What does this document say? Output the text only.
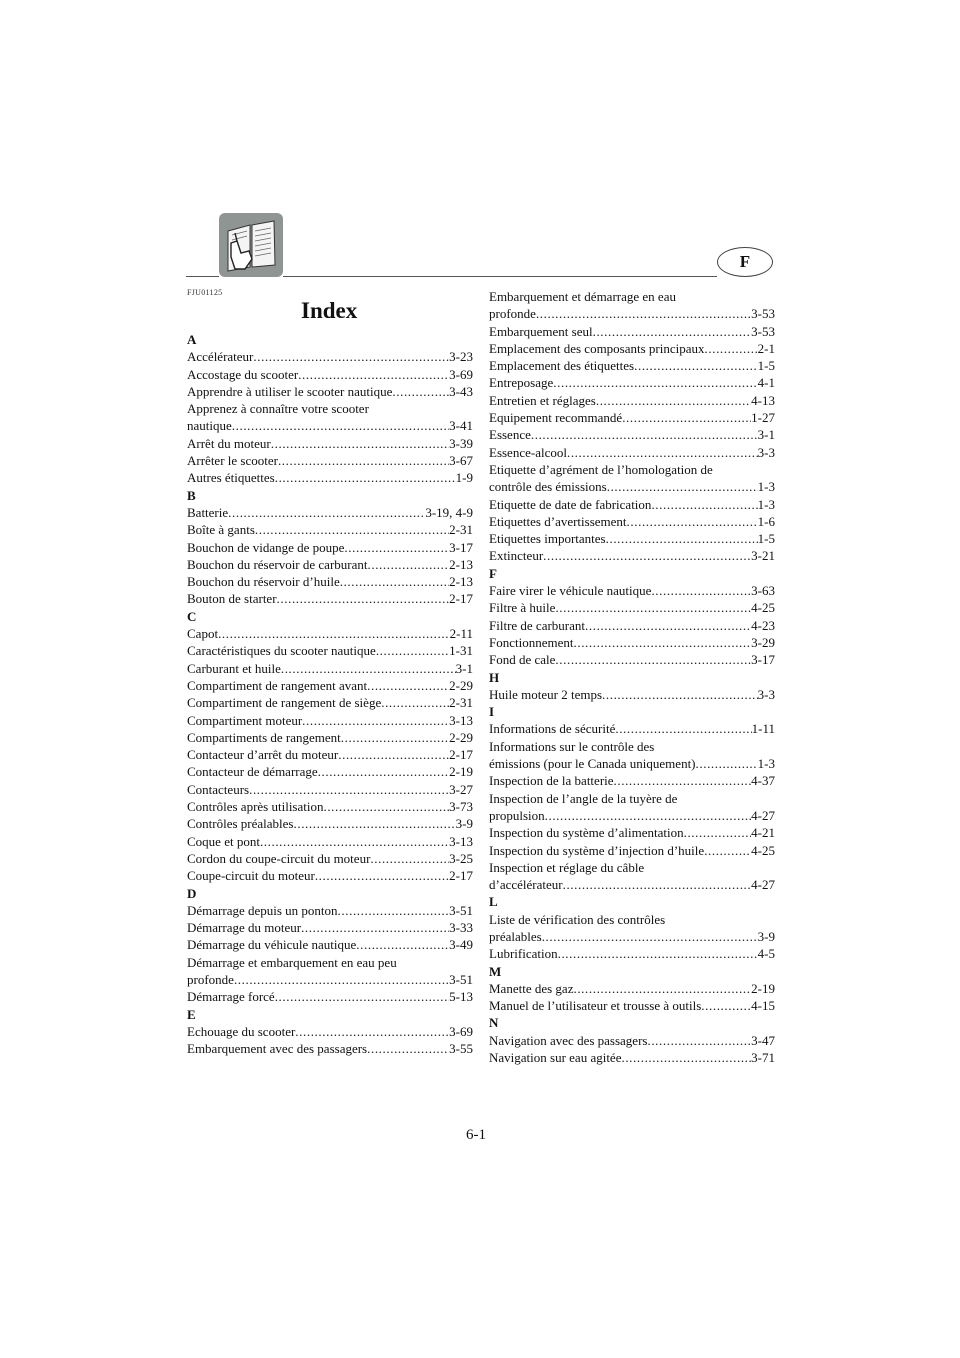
F
FJU01125
Index
A
Accélérateur .....	3-23
Accostage du scooter .....	3-69
Apprendre à utiliser le scooter nautique .....	3-43
Apprenez à connaître votre scooter
nautique .....	3-41
Arrêt du moteur .....	3-39
Arrêter le scooter .....	3-67
Autres étiquettes .....	1-9
B
Batterie .....	3-19, 4-9
Boîte à gants .....	2-31
Bouchon de vidange de poupe .....	3-17
Bouchon du réservoir de carburant .....	2-13
Bouchon du réservoir d’huile .....	2-13
Bouton de starter .....	2-17
C
Capot .....	2-11
Caractéristiques du scooter nautique .....	1-31
Carburant et huile .....	3-1
Compartiment de rangement avant .....	2-29
Compartiment de rangement de siège .....	2-31
Compartiment moteur .....	3-13
Compartiments de rangement .....	2-29
Contacteur d’arrêt du moteur .....	2-17
Contacteur de démarrage .....	2-19
Contacteurs .....	3-27
Contrôles après utilisation .....	3-73
Contrôles préalables .....	3-9
Coque et pont .....	3-13
Cordon du coupe-circuit du moteur .....	3-25
Coupe-circuit du moteur .....	2-17
D
Démarrage depuis un ponton .....	3-51
Démarrage du moteur .....	3-33
Démarrage du véhicule nautique .....	3-49
Démarrage et embarquement en eau peu
profonde .....	3-51
Démarrage forcé .....	5-13
E
Echouage du scooter .....	3-69
Embarquement avec des passagers .....	3-55
Embarquement et démarrage en eau
profonde .....	3-53
Embarquement seul .....	3-53
Emplacement des composants principaux .....	2-1
Emplacement des étiquettes .....	1-5
Entreposage .....	4-1
Entretien et réglages .....	4-13
Equipement recommandé .....	1-27
Essence .....	3-1
Essence-alcool .....	3-3
Etiquette d’agrément de l’homologation de
contrôle des émissions .....	1-3
Etiquette de date de fabrication .....	1-3
Etiquettes d’avertissement .....	1-6
Etiquettes importantes .....	1-5
Extincteur .....	3-21
F
Faire virer le véhicule nautique .....	3-63
Filtre à huile .....	4-25
Filtre de carburant .....	4-23
Fonctionnement .....	3-29
Fond de cale .....	3-17
H
Huile moteur 2 temps .....	3-3
I
Informations de sécurité .....	1-11
Informations sur le contrôle des
émissions (pour le Canada uniquement) .....	1-3
Inspection de la batterie .....	4-37
Inspection de l’angle de la tuyère de
propulsion .....	4-27
Inspection du système d’alimentation .....	4-21
Inspection du système d’injection d’huile .....	4-25
Inspection et réglage du câble
d’accélérateur .....	4-27
L
Liste de vérification des contrôles
préalables .....	3-9
Lubrification .....	4-5
M
Manette des gaz .....	2-19
Manuel de l’utilisateur et trousse à outils .....	4-15
N
Navigation avec des passagers .....	3-47
Navigation sur eau agitée .....	3-71
6-1
